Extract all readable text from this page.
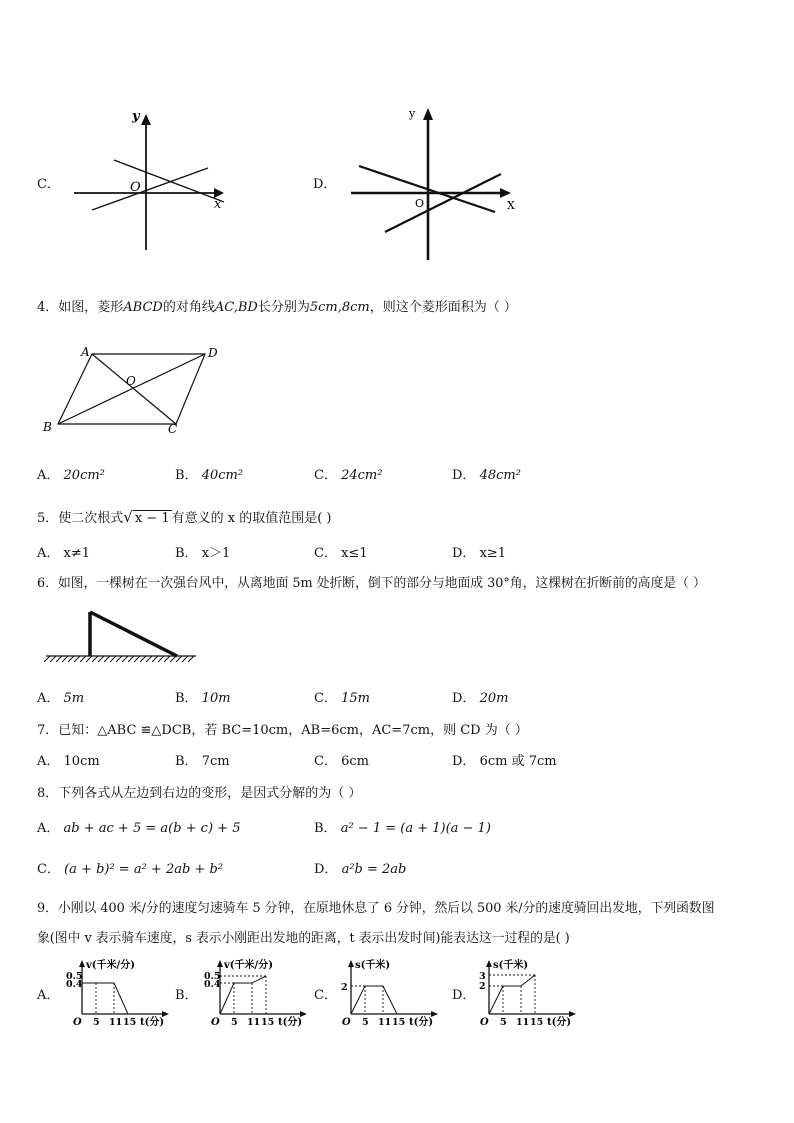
C．
y
x
O	D．
y
X
O
4．如图，菱形ABCD的对角线AC,BD长分别为5cm,8cm，则这个菱形面积为（ ）
A	D
B	C
O
A． 20cm²	B． 40cm²	C． 24cm²	D． 48cm²
5．使二次根式√ x − 1 有意义的 x 的取值范围是( )
A． x≠1	B． x＞1	C． x≤1	D． x≥1
6．如图，一棵树在一次强台风中，从离地面 5m 处折断，倒下的部分与地面成 30°角，这棵树在折断前的高度是（ ）
A． 5m	B． 10m	C． 15m	D． 20m
7．已知：△ABC ≌△DCB，若 BC=10cm，AB=6cm，AC=7cm，则 CD 为（ ）
A． 10cm	B． 7cm	C． 6cm	D． 6cm 或 7cm
8．下列各式从左边到右边的变形，是因式分解的为（ ）
A． ab + ac + 5 = a(b + c) + 5	B． a² − 1 = (a + 1)(a − 1)
C． (a + b)² = a² + 2ab + b²	D． a²b = 2ab
9．小刚以 400 米/分的速度匀速骑车 5 分钟，在原地休息了 6 分钟，然后以 500 米/分的速度骑回出发地，下列函数图
象(图中 v 表示骑车速度，s 表示小刚距出发地的距离，t 表示出发时间)能表达这一过程的是( )
A．
v(千米/分)
0.5
0.4
O 5 11 15 t(分)
B．
v(千米/分)
0.5
0.4
O 5 11 15 t(分)
C．
s(千米)
2
O 5 11 15 t(分)
D．
s(千米)
3
2
O 5 11 15 t(分)
